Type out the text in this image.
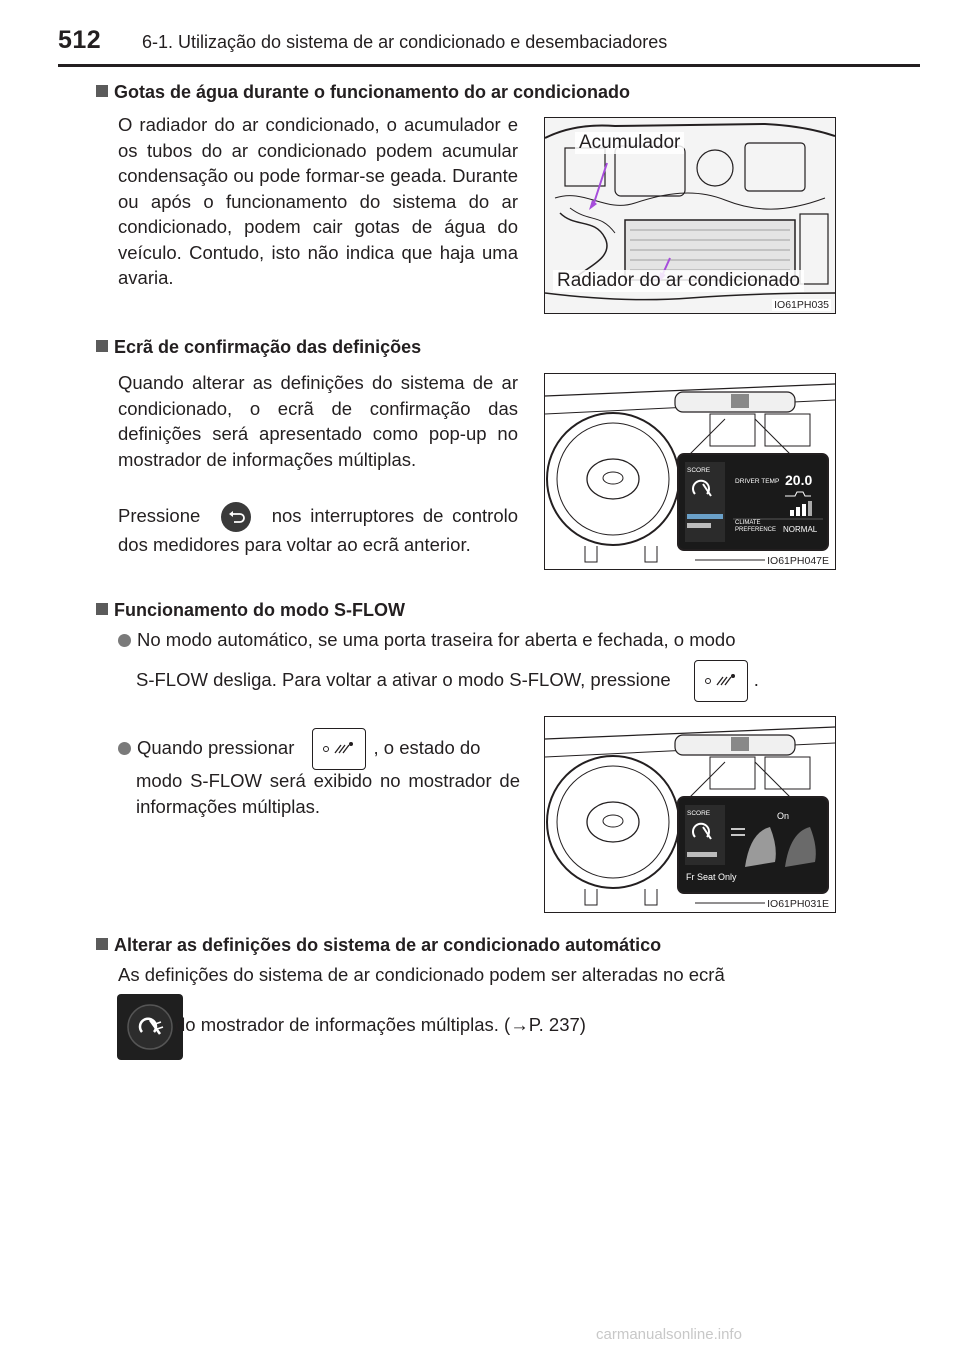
512 6-1. Utilização do sistema de ar condicionado e desembaciadores
Gotas de água durante o funcionamento do ar condicionado
O radiador do ar condicionado, o acumulador e os tubos do ar condicionado podem acumular condensação ou pode formar-se geada. Durante ou após o funcionamento do sistema do ar condicionado, podem cair gotas de água do veículo. Contudo, isto não indica que haja uma avaria.
Acumulador
Radiador do ar condicionado
IO61PH035
Ecrã de confirmação das definições
Quando alterar as definições do sistema de ar condicionado, o ecrã de confirmação das definições será apresentado como pop-up no mostrador de informações múltiplas.
Pressione	nos interruptores de controlo dos medidores para voltar ao ecrã anterior.
SCORE
DRIVER TEMP 20.0
CLIMATE
PREFERENCE NORMAL
IO61PH047E
Funcionamento do modo S-FLOW
No modo automático, se uma porta traseira for aberta e fechada, o modo
S-FLOW desliga. Para voltar a ativar o modo S-FLOW, pressione	.
Quando pressionar	, o estado do
modo S-FLOW será exibido no mostrador de informações múltiplas.	SCORE	On
Fr Seat Only
IO61PH031E
Alterar as definições do sistema de ar condicionado automático
As definições do sistema de ar condicionado podem ser alteradas no ecrã
do mostrador de informações múltiplas. (→P. 237)
carmanualsonline.info
